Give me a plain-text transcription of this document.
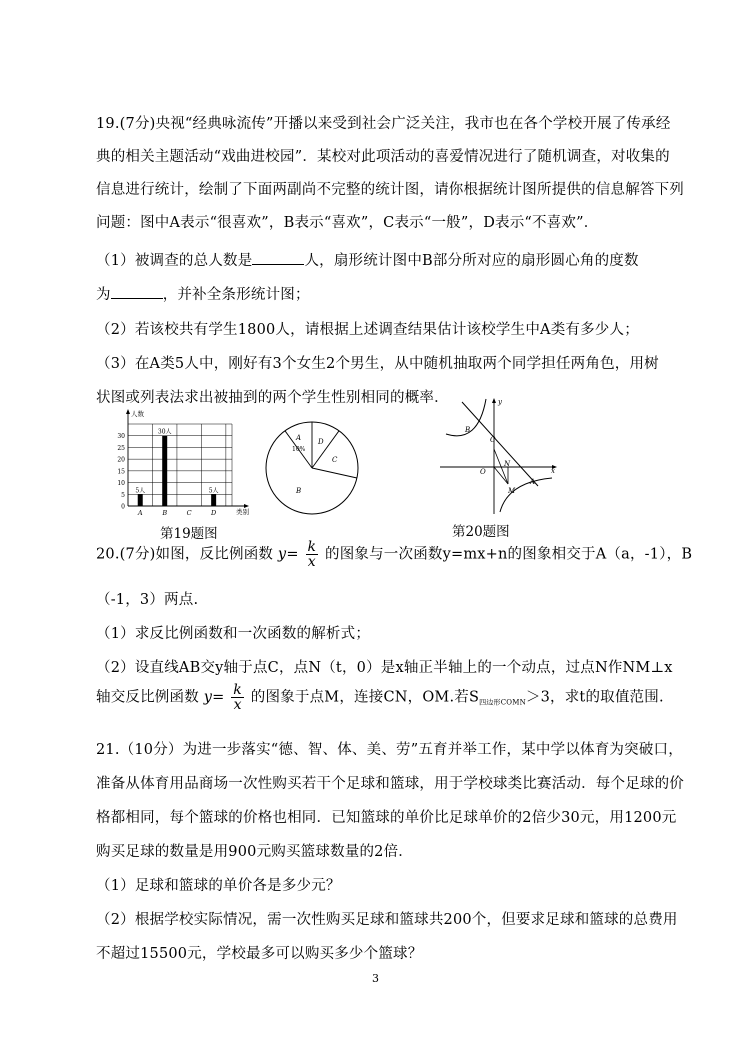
19.(7分)央视“经典咏流传”开播以来受到社会广泛关注，我市也在各个学校开展了传承经
典的相关主题活动“戏曲进校园”．某校对此项活动的喜爱情况进行了随机调查，对收集的
信息进行统计，绘制了下面两副尚不完整的统计图，请你根据统计图所提供的信息解答下列
问题：图中A表示“很喜欢”，B表示“喜欢”，C表示“一般”，D表示“不喜欢”．
（1）被调查的总人数是	人，扇形统计图中B部分所对应的扇形圆心角的度数
为	，并补全条形统计图；
（2）若该校共有学生1800人，请根据上述调查结果估计该校学生中A类有多少人；
（3）在A类5人中，刚好有3个女生2个男生，从中随机抽取两个同学担任两角色，用树
状图或列表法求出被抽到的两个学生性别相同的概率．
0
5
10
15
20
25
30
人数
类别
A
5人
B
30人
C	D
5人
A
10%
D
C
B
y
x
O
B
C
N
A
M
第19题图	第20题图
20.(7分)如图，反比例函数 $y= \frac{k}{x}$ 的图象与一次函数y=mx+n的图象相交于A（a，-1），B
（-1，3）两点.
（1）求反比例函数和一次函数的解析式；
（2）设直线AB交y轴于点C，点N（t，0）是x轴正半轴上的一个动点，过点N作NM⊥x
轴交反比例函数 $y= \frac{k}{x}$ 的图象于点M，连接CN，OM.若$S_{四边形COMN}>3$，求t的取值范围.
21.（10分）为进一步落实“德、智、体、美、劳”五育并举工作，某中学以体育为突破口，
准备从体育用品商场一次性购买若干个足球和篮球，用于学校球类比赛活动．每个足球的价
格都相同，每个篮球的价格也相同．已知篮球的单价比足球单价的2倍少30元，用1200元
购买足球的数量是用900元购买篮球数量的2倍．
（1）足球和篮球的单价各是多少元？
（2）根据学校实际情况，需一次性购买足球和篮球共200个，但要求足球和篮球的总费用
不超过15500元，学校最多可以购买多少个篮球？
3
